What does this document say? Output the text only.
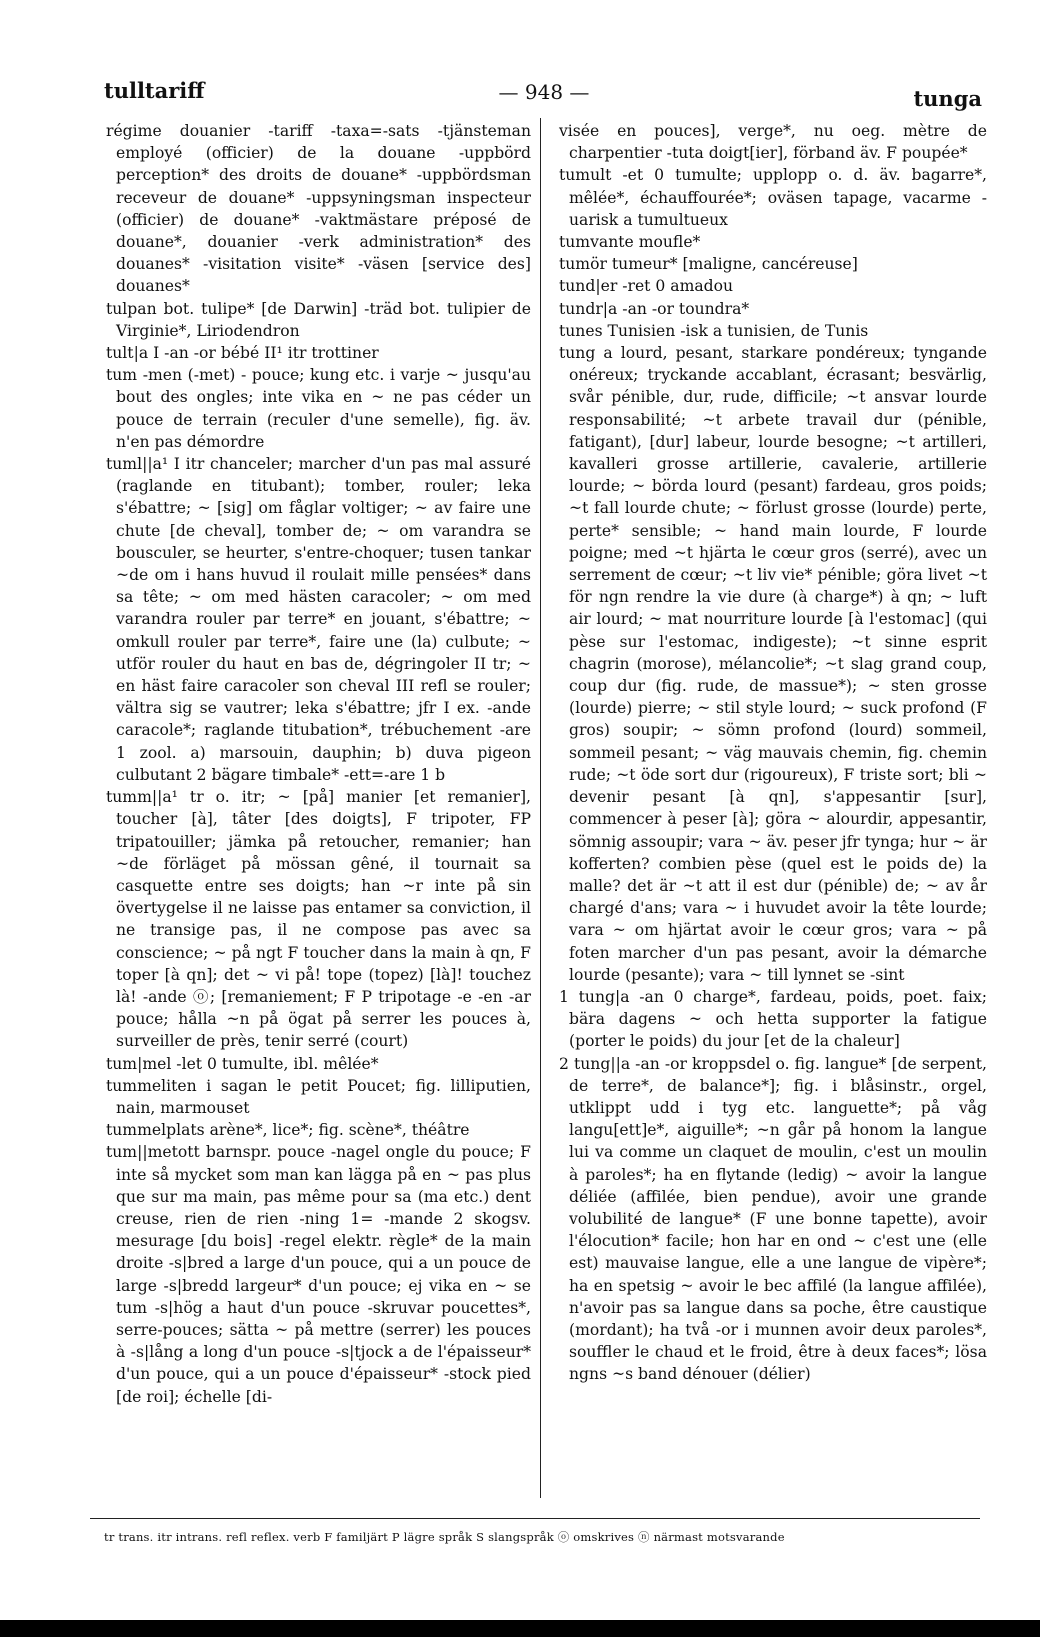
tulltariff	— 948 —	tunga

régime douanier -tariff -taxa=-sats -tjänsteman employé (officier) de la douane -uppbörd perception* des droits de douane* -uppbördsman receveur de douane* -uppsyningsman inspecteur (officier) de douane* -vaktmästare préposé de douane*, douanier -verk administration* des douanes* -visitation visite* -väsen [service des] douanes*

tulpan bot. tulipe* [de Darwin] -träd bot. tulipier de Virginie*, Liriodendron

tult|a I -an -or bébé II¹ itr trottiner

tum -men (-met) - pouce; kung etc. i varje ~ jusqu'au bout des ongles; inte vika en ~ ne pas céder un pouce de terrain (reculer d'une semelle), fig. äv. n'en pas démordre

tuml||a¹ I itr chanceler; marcher d'un pas mal assuré (raglande en titubant); tomber, rouler; leka s'ébattre; ~ [sig] om fåglar voltiger; ~ av faire une chute [de cheval], tomber de; ~ om varandra se bousculer, se heurter, s'entre-choquer; tusen tankar ~de om i hans huvud il roulait mille pensées* dans sa tête; ~ om med hästen caracoler; ~ om med varandra rouler par terre* en jouant, s'ébattre; ~ omkull rouler par terre*, faire une (la) culbute; ~ utför rouler du haut en bas de, dégringoler II tr; ~ en häst faire caracoler son cheval III refl se rouler; vältra sig se vautrer; leka s'ébattre; jfr I ex. -ande caracole*; raglande titubation*, trébuchement -are 1 zool. a) marsouin, dauphin; b) duva pigeon culbutant 2 bägare timbale* -ett=-are 1 b

tumm||a¹ tr o. itr; ~ [på] manier [et remanier], toucher [à], tâter [des doigts], F tripoter, FP tripatouiller; jämka på retoucher, remanier; han ~de förläget på mössan gêné, il tournait sa casquette entre ses doigts; han ~r inte på sin övertygelse il ne laisse pas entamer sa conviction, il ne transige pas, il ne compose pas avec sa conscience; ~ på ngt F toucher dans la main à qn, F toper [à qn]; det ~ vi på! tope (topez) [là]! touchez là! -ande ⓞ; [remaniement; F P tripotage -e -en -ar pouce; hålla ~n på ögat på serrer les pouces à, surveiller de près, tenir serré (court)

tum|mel -let 0 tumulte, ibl. mêlée*

tummeliten i sagan le petit Poucet; fig. lilliputien, nain, marmouset

tummelplats arène*, lice*; fig. scène*, théâtre

tum||metott barnspr. pouce -nagel ongle du pouce; F inte så mycket som man kan lägga på en ~ pas plus que sur ma main, pas même pour sa (ma etc.) dent creuse, rien de rien -ning 1= -mande 2 skogsv. mesurage [du bois] -regel elektr. règle* de la main droite -s|bred a large d'un pouce, qui a un pouce de large -s|bredd largeur* d'un pouce; ej vika en ~ se tum -s|hög a haut d'un pouce -skruvar poucettes*, serre-pouces; sätta ~ på mettre (serrer) les pouces à -s|lång a long d'un pouce -s|tjock a de l'épaisseur* d'un pouce, qui a un pouce d'épaisseur* -stock pied [de roi]; échelle [di-

visée en pouces], verge*, nu oeg. mètre de charpentier -tuta doigt[ier], förband äv. F poupée*

tumult -et 0 tumulte; upplopp o. d. äv. bagarre*, mêlée*, échauffourée*; oväsen tapage, vacarme -uarisk a tumultueux

tumvante moufle*

tumör tumeur* [maligne, cancéreuse]

tund|er -ret 0 amadou

tundr|a -an -or toundra*

tunes Tunisien -isk a tunisien, de Tunis

tung a lourd, pesant, starkare pondéreux; tyngande onéreux; tryckande accablant, écrasant; besvärlig, svår pénible, dur, rude, difficile; ~t ansvar lourde responsabilité; ~t arbete travail dur (pénible, fatigant), [dur] labeur, lourde besogne; ~t artilleri, kavalleri grosse artillerie, cavalerie, artillerie lourde; ~ börda lourd (pesant) fardeau, gros poids; ~t fall lourde chute; ~ förlust grosse (lourde) perte, perte* sensible; ~ hand main lourde, F lourde poigne; med ~t hjärta le cœur gros (serré), avec un serrement de cœur; ~t liv vie* pénible; göra livet ~t för ngn rendre la vie dure (à charge*) à qn; ~ luft air lourd; ~ mat nourriture lourde [à l'estomac] (qui pèse sur l'estomac, indigeste); ~t sinne esprit chagrin (morose), mélancolie*; ~t slag grand coup, coup dur (fig. rude, de massue*); ~ sten grosse (lourde) pierre; ~ stil style lourd; ~ suck profond (F gros) soupir; ~ sömn profond (lourd) sommeil, sommeil pesant; ~ väg mauvais chemin, fig. chemin rude; ~t öde sort dur (rigoureux), F triste sort; bli ~ devenir pesant [à qn], s'appesantir [sur], commencer à peser [à]; göra ~ alourdir, appesantir, sömnig assoupir; vara ~ äv. peser jfr tynga; hur ~ är kofferten? combien pèse (quel est le poids de) la malle? det är ~t att il est dur (pénible) de; ~ av år chargé d'ans; vara ~ i huvudet avoir la tête lourde; vara ~ om hjärtat avoir le cœur gros; vara ~ på foten marcher d'un pas pesant, avoir la démarche lourde (pesante); vara ~ till lynnet se -sint

1 tung|a -an 0 charge*, fardeau, poids, poet. faix; bära dagens ~ och hetta supporter la fatigue (porter le poids) du jour [et de la chaleur]

2 tung||a -an -or kroppsdel o. fig. langue* [de serpent, de terre*, de balance*]; fig. i blåsinstr., orgel, utklippt udd i tyg etc. languette*; på våg langu[ett]e*, aiguille*; ~n går på honom la langue lui va comme un claquet de moulin, c'est un moulin à paroles*; ha en flytande (ledig) ~ avoir la langue déliée (affilée, bien pendue), avoir une grande volubilité de langue* (F une bonne tapette), avoir l'élocution* facile; hon har en ond ~ c'est une (elle est) mauvaise langue, elle a une langue de vipère*; ha en spetsig ~ avoir le bec affilé (la langue affilée), n'avoir pas sa langue dans sa poche, être caustique (mordant); ha två -or i munnen avoir deux paroles*, souffler le chaud et le froid, être à deux faces*; lösa ngns ~s band dénouer (délier)

tr trans. itr intrans. refl reflex. verb F familjärt P lägre språk S slangspråk ⓞ omskrives ⓝ närmast motsvarande
